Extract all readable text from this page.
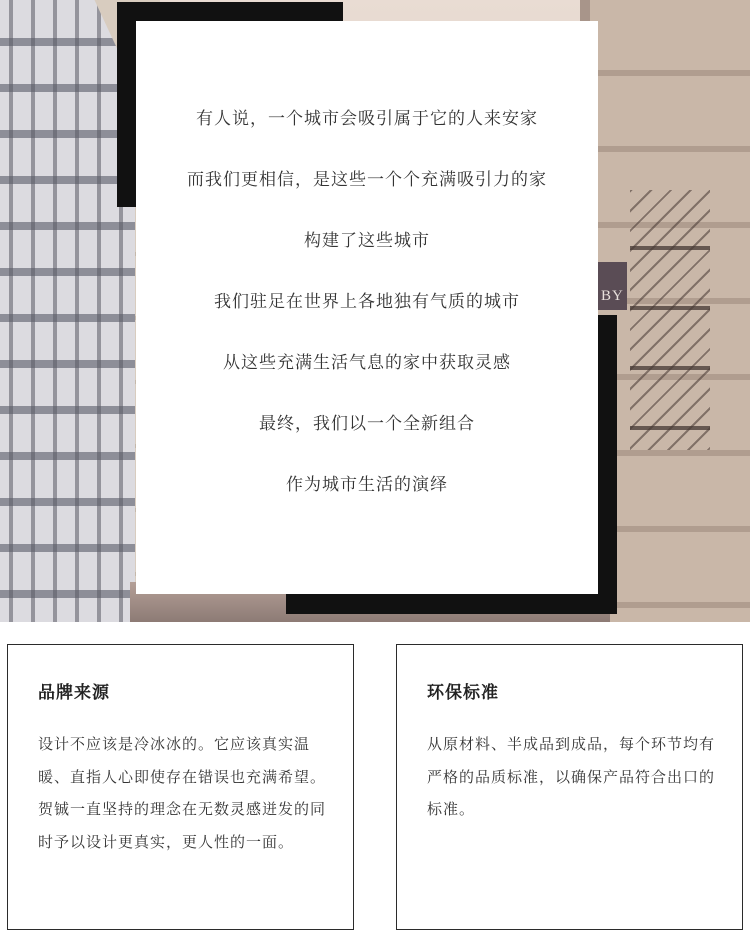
BY
有人说，一个城市会吸引属于它的人来安家
而我们更相信，是这些一个个充满吸引力的家
构建了这些城市
我们驻足在世界上各地独有气质的城市
从这些充满生活气息的家中获取灵感
最终，我们以一个全新组合
作为城市生活的演绎
品牌来源

设计不应该是冷冰冰的。它应该真实温暖、直指人心即使存在错误也充满希望。贺铖一直坚持的理念在无数灵感迸发的同时予以设计更真实，更人性的一面。

环保标准

从原材料、半成品到成品，每个环节均有严格的品质标准，以确保产品符合出口的标准。
